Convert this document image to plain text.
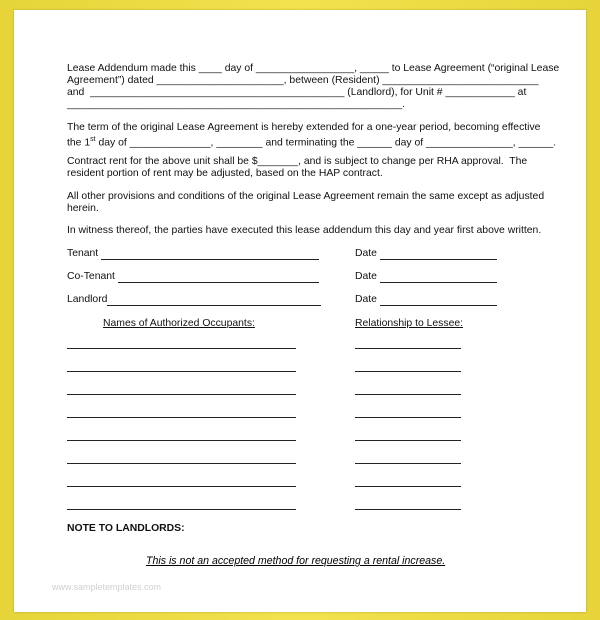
Lease Addendum made this ____ day of _________________, _____ to Lease Agreement (“original Lease
Agreement”) dated ______________________, between (Resident) ___________________________
and  ____________________________________________ (Landlord), for Unit # ____________ at
__________________________________________________________.
The term of the original Lease Agreement is hereby extended for a one-year period, becoming effective
the 1st day of ______________, ________ and terminating the ______ day of _______________, ______.
Contract rent for the above unit shall be $_______, and is subject to change per RHA approval.  The
resident portion of rent may be adjusted, based on the HAP contract.
All other provisions and conditions of the original Lease Agreement remain the same except as adjusted
herein.
In witness thereof, the parties have executed this lease addendum this day and year first above written.
Tenant	Date
Co-Tenant	Date
Landlord	Date
Names of Authorized Occupants:	Relationship to Lessee:
NOTE TO LANDLORDS:
This is not an accepted method for requesting a rental increase.
www.sampletemplates.com
